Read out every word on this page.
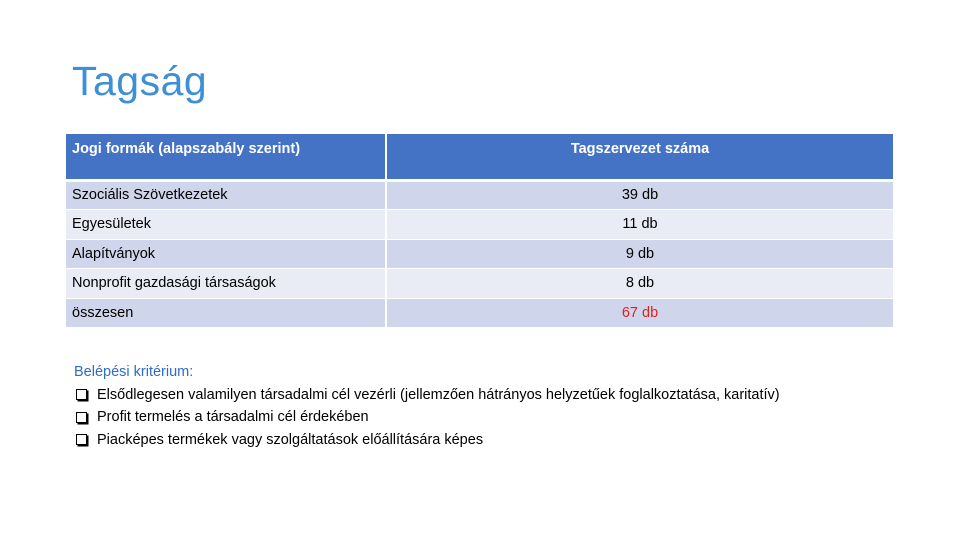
Tagság
Jogi formák (alapszabály szerint)	Tagszervezet száma
Szociális Szövetkezetek	39 db
Egyesületek	11 db
Alapítványok	9 db
Nonprofit gazdasági társaságok	8 db
összesen	67 db
Belépési kritérium:
Elsődlegesen valamilyen társadalmi cél vezérli (jellemzően hátrányos helyzetűek foglalkoztatása, karitatív)
Profit termelés a társadalmi cél érdekében
Piacképes termékek vagy szolgáltatások előállítására képes
